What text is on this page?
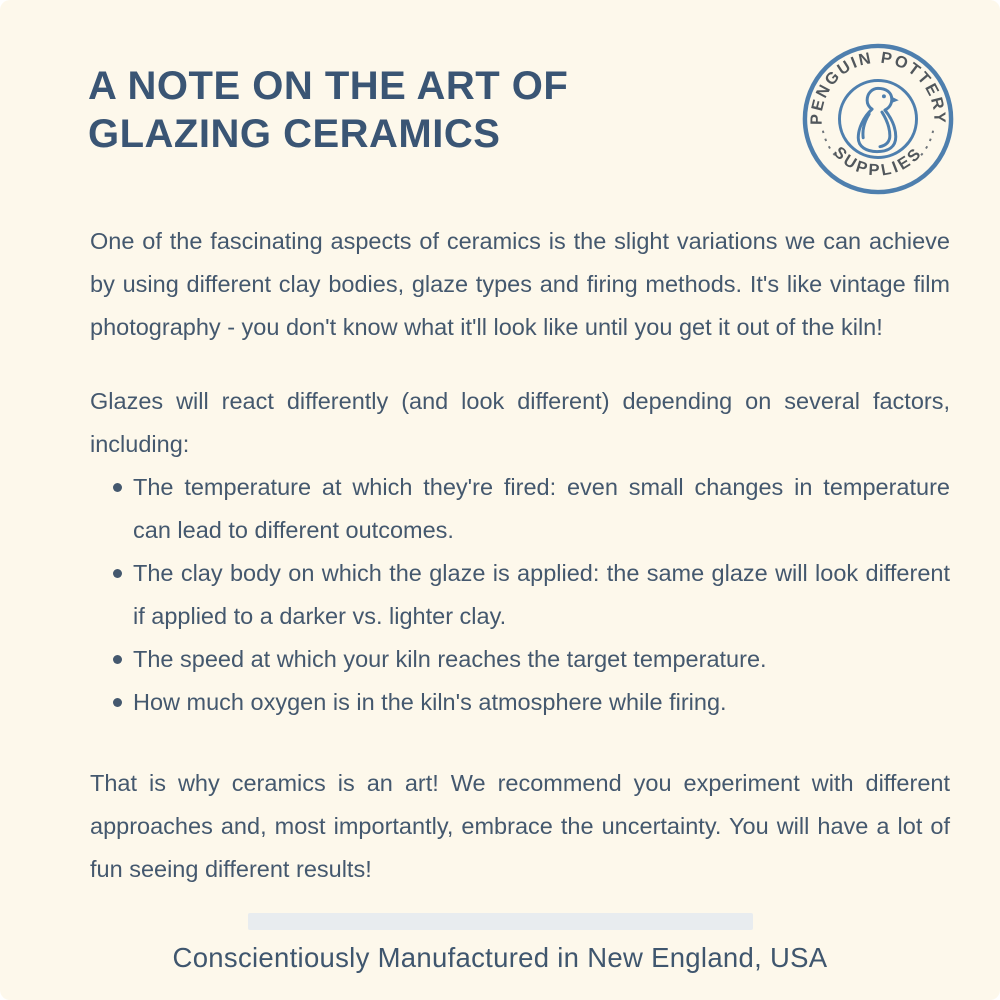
A NOTE ON THE ART OF
GLAZING CERAMICS	PENGUIN POTTERY
SUPPLIES

One of the fascinating aspects of ceramics is the slight variations we can achieve by using different clay bodies, glaze types and firing methods. It's like vintage film photography - you don't know what it'll look like until you get it out of the kiln!

Glazes will react differently (and look different) depending on several factors, including:

The temperature at which they're fired: even small changes in temperature can lead to different outcomes.
The clay body on which the glaze is applied: the same glaze will look different if applied to a darker vs. lighter clay.
The speed at which your kiln reaches the target temperature.
How much oxygen is in the kiln's atmosphere while firing.

That is why ceramics is an art! We recommend you experiment with different approaches and, most importantly, embrace the uncertainty. You will have a lot of fun seeing different results!

Conscientiously Manufactured in New England, USA
